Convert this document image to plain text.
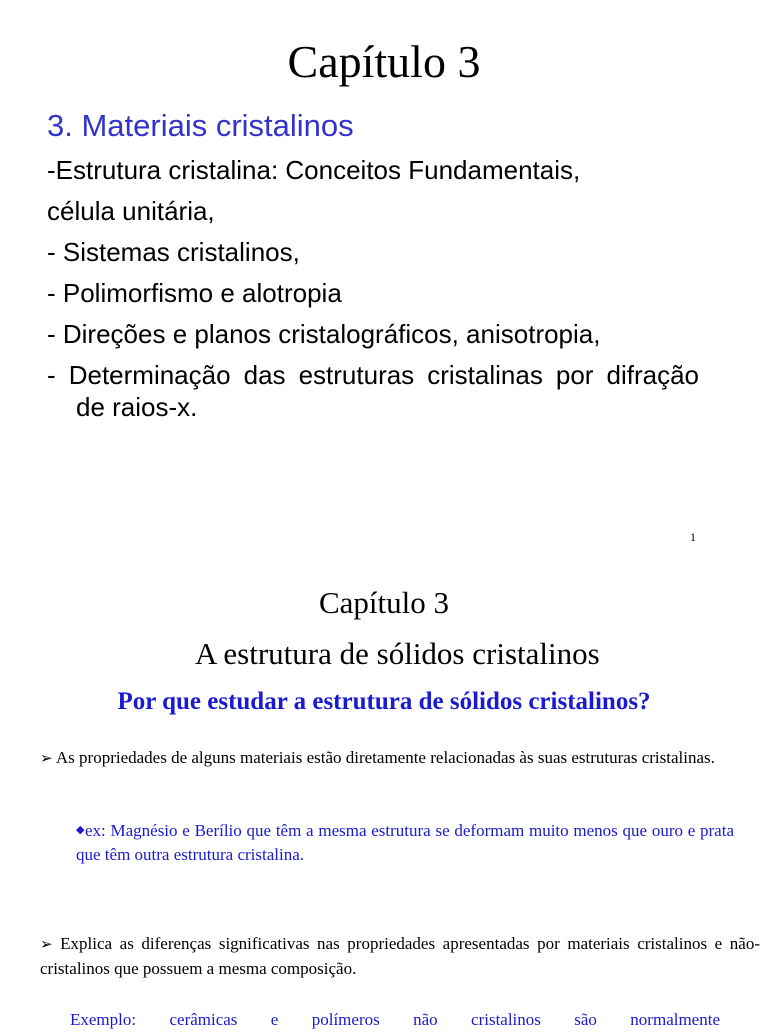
Capítulo 3
3. Materiais cristalinos
-Estrutura cristalina: Conceitos Fundamentais,
célula unitária,
- Sistemas cristalinos,
- Polimorfismo e alotropia
- Direções e planos cristalográficos, anisotropia,
- Determinação das estruturas cristalinas por difração de raios-x.
1
Capítulo 3
A estrutura de sólidos cristalinos
Por que estudar a estrutura de sólidos cristalinos?
➢ As propriedades de alguns materiais estão diretamente relacionadas às suas estruturas cristalinas.
◆ex: Magnésio e Berílio que têm a mesma estrutura se deformam muito menos que ouro e prata que têm outra estrutura cristalina.
➢ Explica as diferenças significativas nas propriedades apresentadas por materiais cristalinos e não-cristalinos que possuem a mesma composição.
Exemplo: cerâmicas e polímeros não cristalinos são normalmente
